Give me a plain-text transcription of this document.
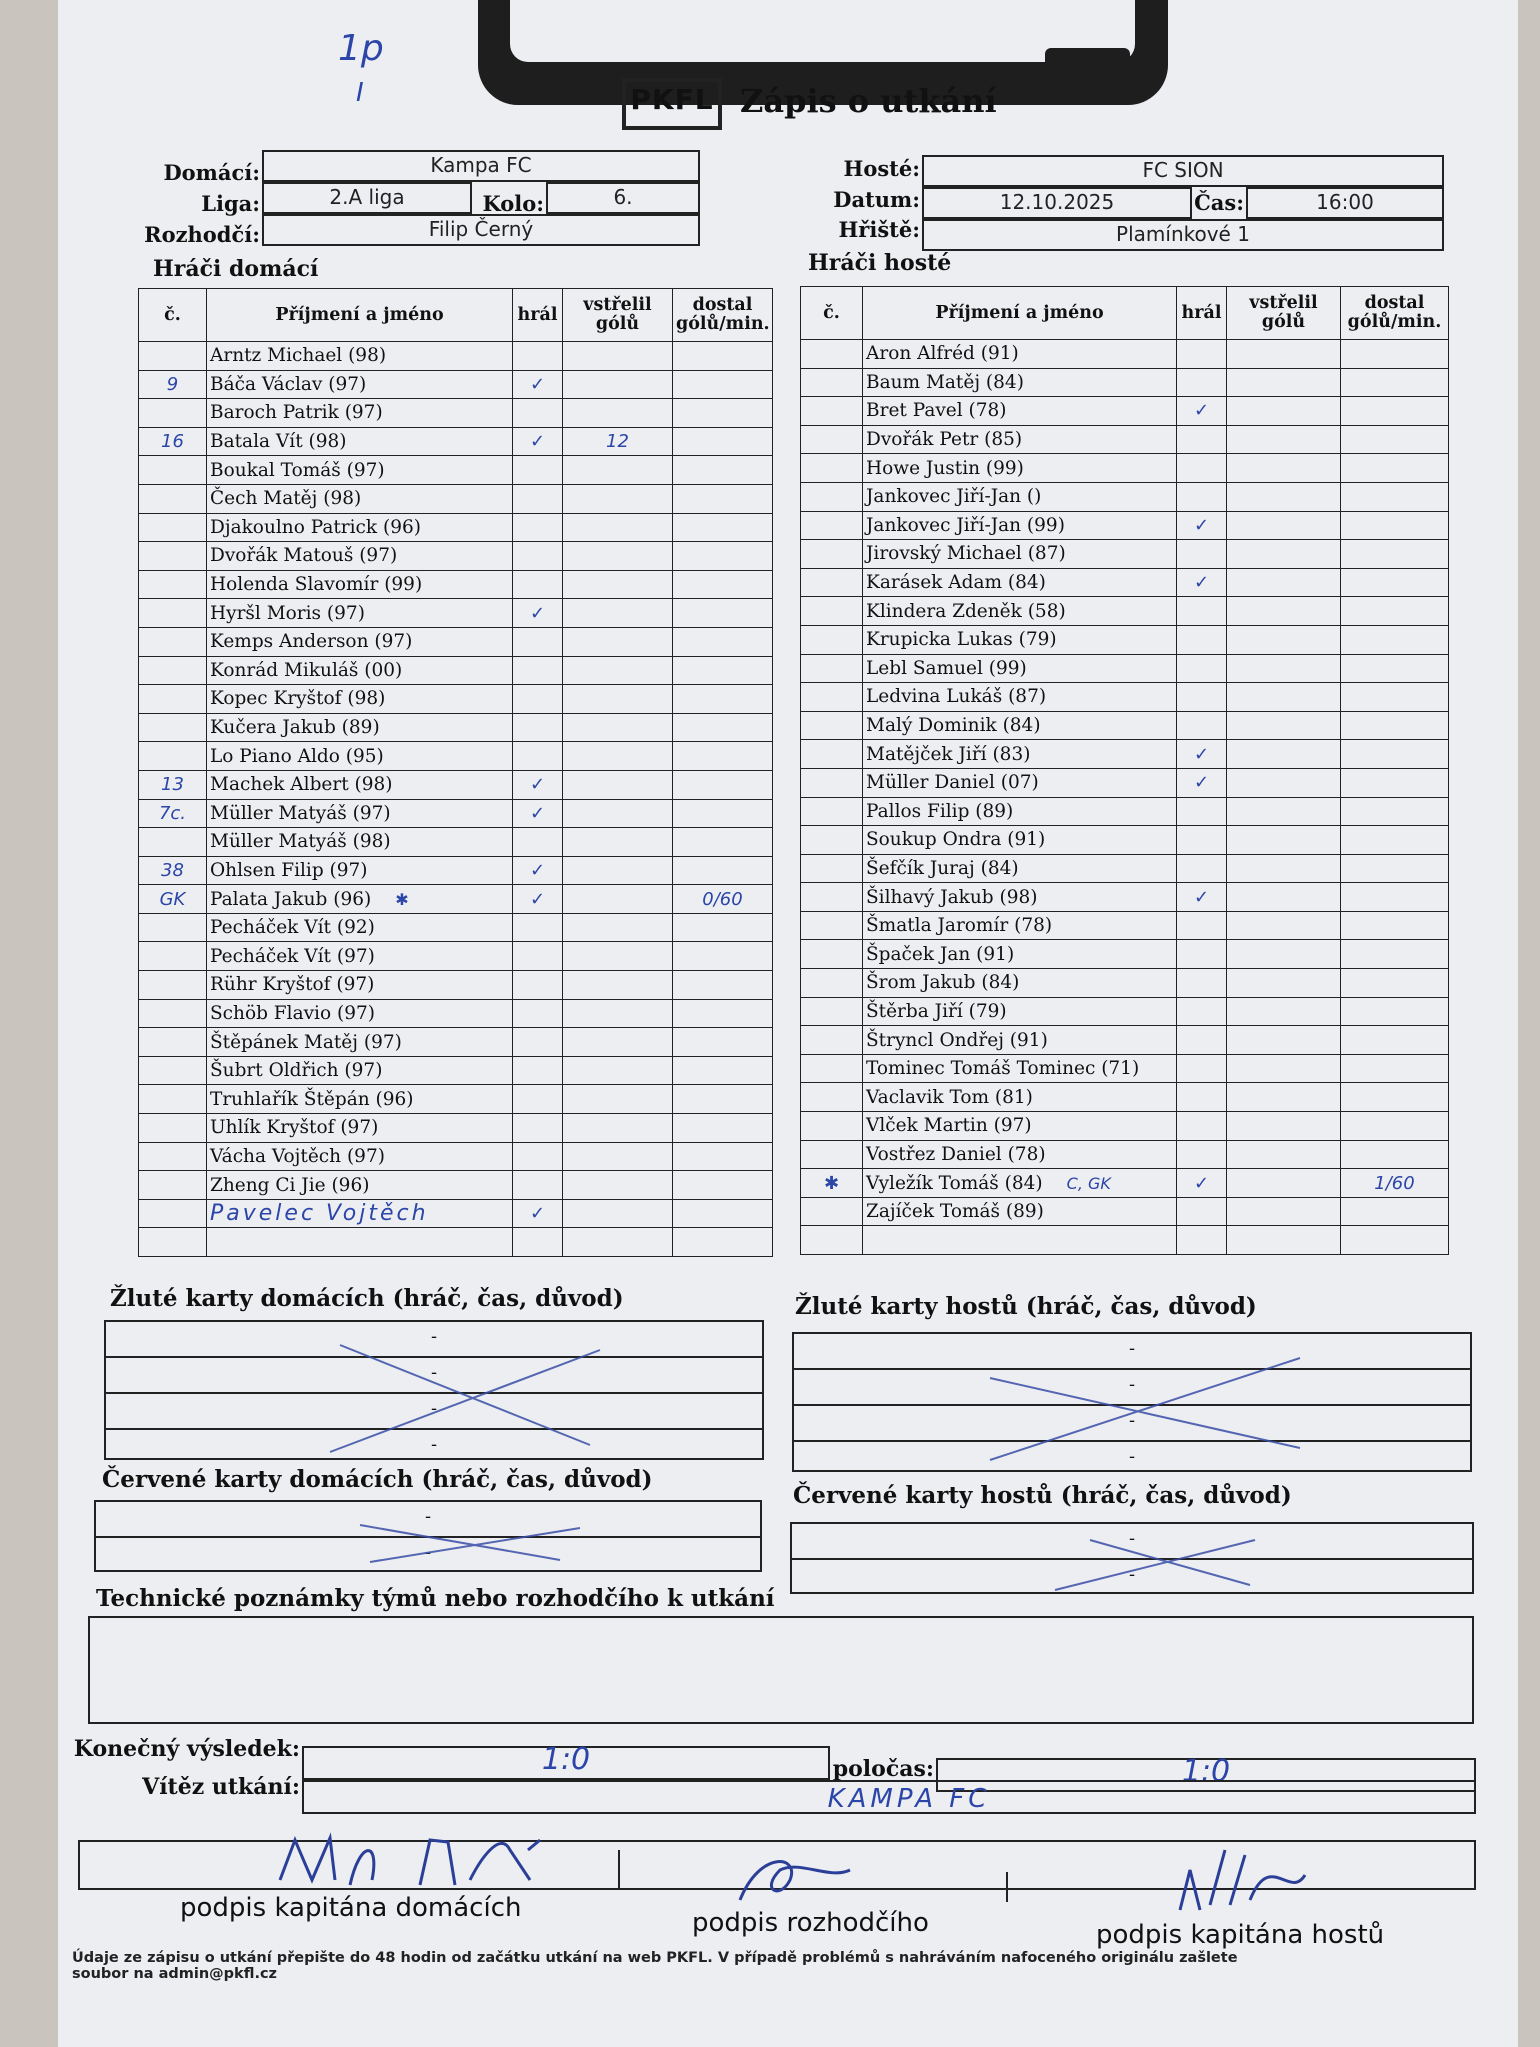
1p
I	PKFL Zápis o utkání
Domácí:	Kampa FC
Liga:	2.A liga	Kolo:	6.
Rozhodčí:	Filip Černý
Hosté:	FC SION
Datum:	12.10.2025	Čas:	16:00
Hřiště:	Plamínkové 1
Hráči domácí	Hráči hosté
č.	Příjmení a jméno	hrál	vstřelil gólů	dostal gólů/min.
	Arntz Michael (98)			
9	Báča Václav (97)	✓		
	Baroch Patrik (97)			
16	Batala Vít (98)	✓	12	
	Boukal Tomáš (97)			
	Čech Matěj (98)			
	Djakoulno Patrick (96)			
	Dvořák Matouš (97)			
	Holenda Slavomír (99)			
	Hyršl Moris (97)	✓		
	Kemps Anderson (97)			
	Konrád Mikuláš (00)			
	Kopec Kryštof (98)			
	Kučera Jakub (89)			
	Lo Piano Aldo (95)			
13	Machek Albert (98)	✓		
7c.	Müller Matyáš (97)	✓		
	Müller Matyáš (98)			
38	Ohlsen Filip (97)	✓		
GK	Palata Jakub (96) ✱	✓		0/60
	Pecháček Vít (92)			
	Pecháček Vít (97)			
	Rühr Kryštof (97)			
	Schöb Flavio (97)			
	Štěpánek Matěj (97)			
	Šubrt Oldřich (97)			
	Truhlařík Štěpán (96)			
	Uhlík Kryštof (97)			
	Vácha Vojtěch (97)			
	Zheng Ci Jie (96)			
	Pavelec Vojtěch	✓		

č.	Příjmení a jméno	hrál	vstřelil gólů	dostal gólů/min.
	Aron Alfréd (91)			
	Baum Matěj (84)			
	Bret Pavel (78)	✓		
	Dvořák Petr (85)			
	Howe Justin (99)			
	Jankovec Jiří-Jan ()			
	Jankovec Jiří-Jan (99)	✓		
	Jirovský Michael (87)			
	Karásek Adam (84)	✓		
	Klindera Zdeněk (58)			
	Krupicka Lukas (79)			
	Lebl Samuel (99)			
	Ledvina Lukáš (87)			
	Malý Dominik (84)			
	Matějček Jiří (83)	✓		
	Müller Daniel (07)	✓		
	Pallos Filip (89)			
	Soukup Ondra (91)			
	Šefčík Juraj (84)			
	Šilhavý Jakub (98)	✓		
	Šmatla Jaromír (78)			
	Špaček Jan (91)			
	Šrom Jakub (84)			
	Štěrba Jiří (79)			
	Štryncl Ondřej (91)			
	Tominec Tomáš Tominec (71)			
	Vaclavik Tom (81)			
	Vlček Martin (97)			
	Vostřez Daniel (78)			
✱	Vyležík Tomáš (84) C, GK	✓		1/60
	Zajíček Tomáš (89)			

Žluté karty domácích (hráč, čas, důvod)
-
-
-
-
Žluté karty hostů (hráč, čas, důvod)
-
-
-
-
Červené karty domácích (hráč, čas, důvod)
-
-
Červené karty hostů (hráč, čas, důvod)
-
-
Technické poznámky týmů nebo rozhodčího k utkání
Konečný výsledek:	1:0	poločas:	1:0
Vítěz utkání:	KAMPA FC
podpis kapitána domácích	podpis rozhodčího	podpis kapitána hostů
Údaje ze zápisu o utkání přepište do 48 hodin od začátku utkání na web PKFL. V případě problémů s nahráváním nafoceného originálu zašlete soubor na admin@pkfl.cz
